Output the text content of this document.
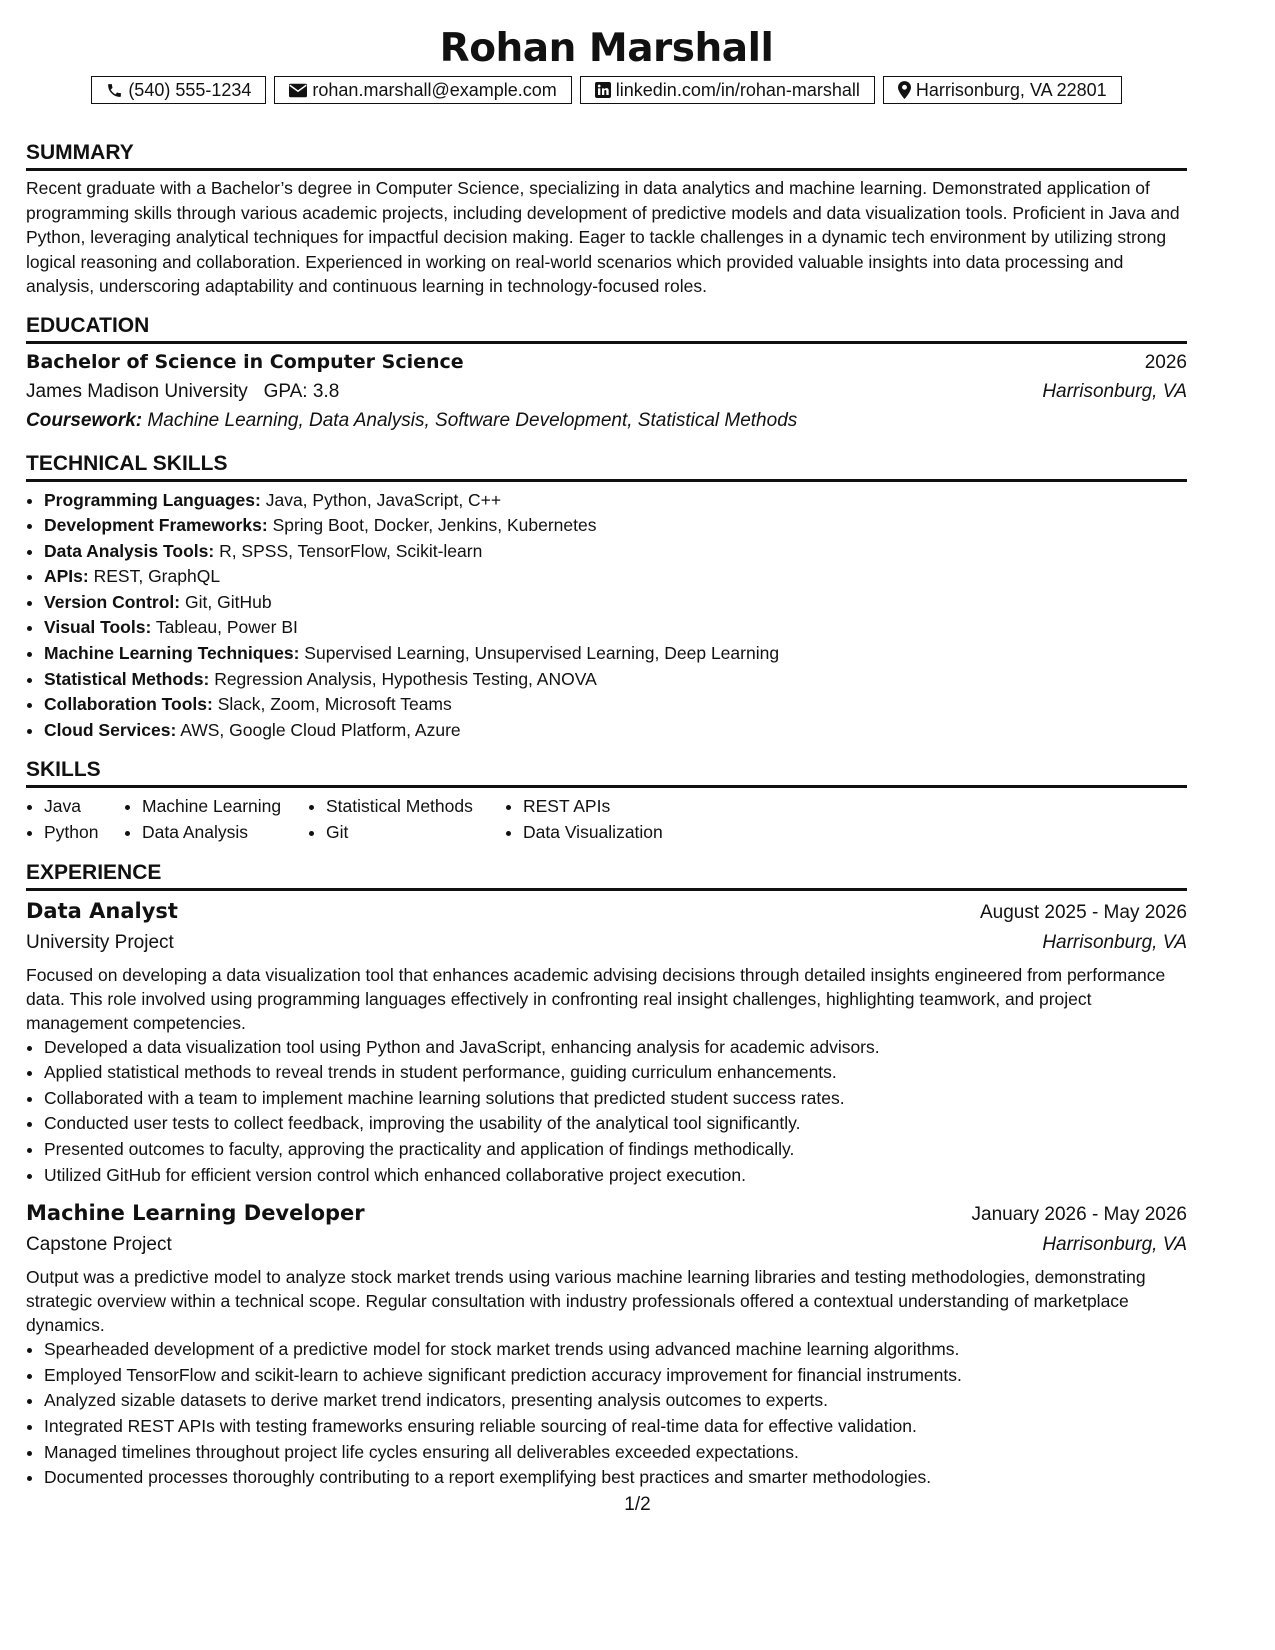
Rohan Marshall
(540) 555-1234	rohan.marshall@example.com	linkedin.com/in/rohan-marshall	Harrisonburg, VA 22801
SUMMARY
Recent graduate with a Bachelor’s degree in Computer Science, specializing in data analytics and machine learning. Demonstrated application of programming skills through various academic projects, including development of predictive models and data visualization tools. Proficient in Java and Python, leveraging analytical techniques for impactful decision making. Eager to tackle challenges in a dynamic tech environment by utilizing strong logical reasoning and collaboration. Experienced in working on real-world scenarios which provided valuable insights into data processing and analysis, underscoring adaptability and continuous learning in technology-focused roles.
EDUCATION
Bachelor of Science in Computer Science	2026
James Madison University GPA: 3.8	Harrisonburg, VA
Coursework: Machine Learning, Data Analysis, Software Development, Statistical Methods
TECHNICAL SKILLS
• Programming Languages: Java, Python, JavaScript, C++
• Development Frameworks: Spring Boot, Docker, Jenkins, Kubernetes
• Data Analysis Tools: R, SPSS, TensorFlow, Scikit-learn
• APIs: REST, GraphQL
• Version Control: Git, GitHub
• Visual Tools: Tableau, Power BI
• Machine Learning Techniques: Supervised Learning, Unsupervised Learning, Deep Learning
• Statistical Methods: Regression Analysis, Hypothesis Testing, ANOVA
• Collaboration Tools: Slack, Zoom, Microsoft Teams
• Cloud Services: AWS, Google Cloud Platform, Azure
SKILLS
• Java
• Python
• Machine Learning
• Data Analysis
• Statistical Methods
• Git
• REST APIs
• Data Visualization
EXPERIENCE
Data Analyst	August 2025 - May 2026
University Project	Harrisonburg, VA
Focused on developing a data visualization tool that enhances academic advising decisions through detailed insights engineered from performance data. This role involved using programming languages effectively in confronting real insight challenges, highlighting teamwork, and project management competencies.
• Developed a data visualization tool using Python and JavaScript, enhancing analysis for academic advisors.
• Applied statistical methods to reveal trends in student performance, guiding curriculum enhancements.
• Collaborated with a team to implement machine learning solutions that predicted student success rates.
• Conducted user tests to collect feedback, improving the usability of the analytical tool significantly.
• Presented outcomes to faculty, approving the practicality and application of findings methodically.
• Utilized GitHub for efficient version control which enhanced collaborative project execution.
Machine Learning Developer	January 2026 - May 2026
Capstone Project	Harrisonburg, VA
Output was a predictive model to analyze stock market trends using various machine learning libraries and testing methodologies, demonstrating strategic overview within a technical scope. Regular consultation with industry professionals offered a contextual understanding of marketplace dynamics.
• Spearheaded development of a predictive model for stock market trends using advanced machine learning algorithms.
• Employed TensorFlow and scikit-learn to achieve significant prediction accuracy improvement for financial instruments.
• Analyzed sizable datasets to derive market trend indicators, presenting analysis outcomes to experts.
• Integrated REST APIs with testing frameworks ensuring reliable sourcing of real-time data for effective validation.
• Managed timelines throughout project life cycles ensuring all deliverables exceeded expectations.
• Documented processes thoroughly contributing to a report exemplifying best practices and smarter methodologies.
1/2
